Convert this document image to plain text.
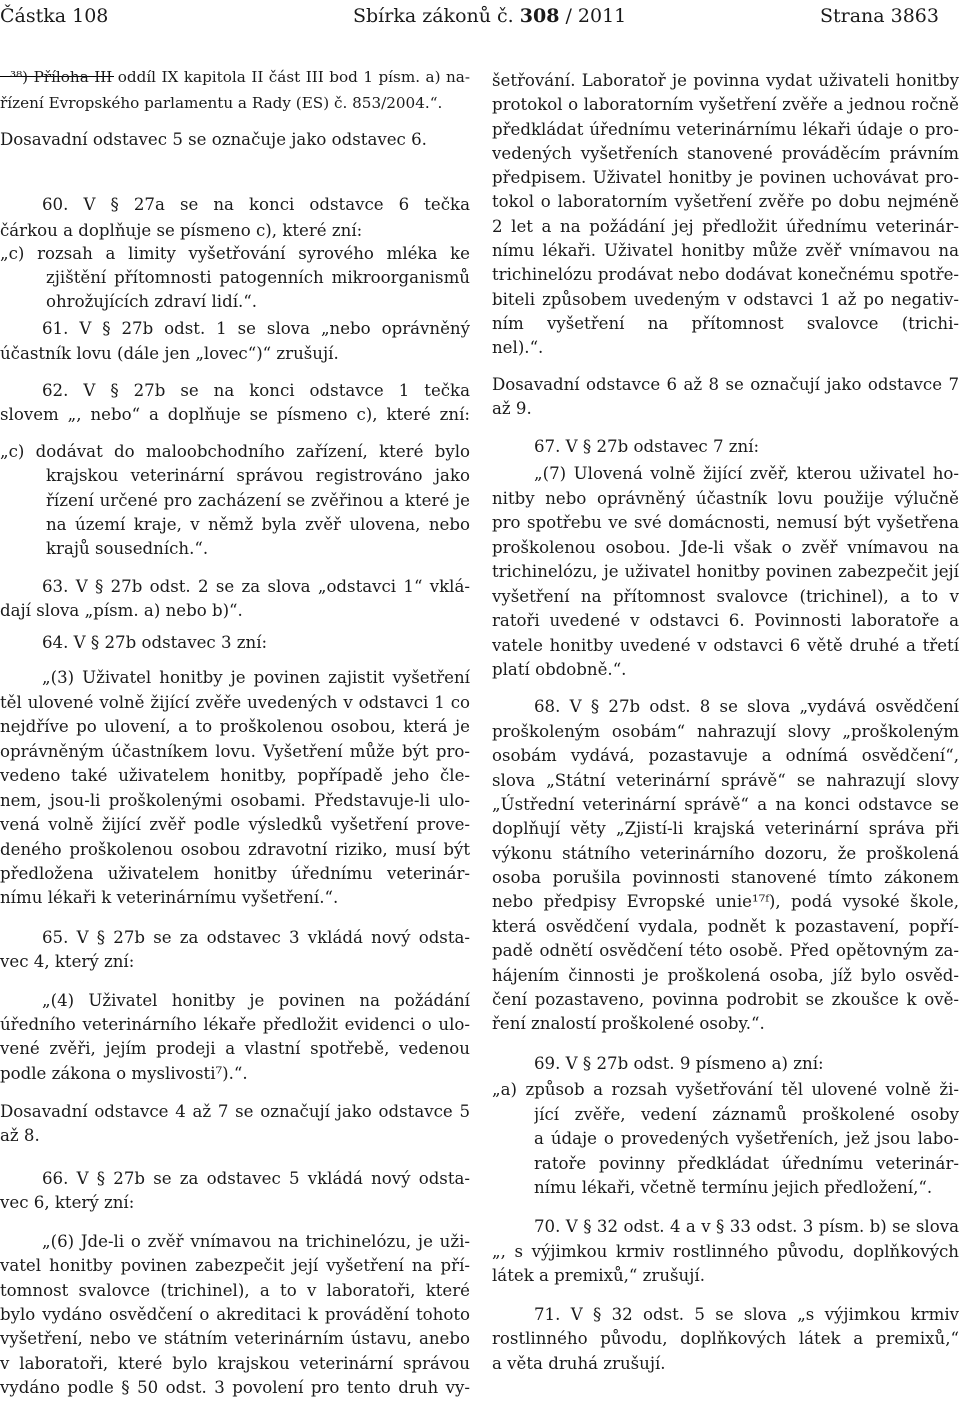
Částka 108	Sbírka zákonů č. 308 / 2011	Strana 3863
³⁸) Příloha III oddíl IX kapitola II část III bod 1 písm. a) na-
řízení Evropského parlamentu a Rady (ES) č. 853/2004.“.
Dosavadní odstavec 5 se označuje jako odstavec 6.
60. V § 27a se na konci odstavce 6 tečka
čárkou a doplňuje se písmeno c), které zní:
„c) rozsah a limity vyšetřování syrového mléka ke
zjištění přítomnosti patogenních mikroorganismů
ohrožujících zdraví lidí.“.
61. V § 27b odst. 1 se slova „nebo oprávněný
účastník lovu (dále jen „lovec“)“ zrušují.
62. V § 27b se na konci odstavce 1 tečka
slovem „, nebo“ a doplňuje se písmeno c), které zní:
„c) dodávat do maloobchodního zařízení, které bylo
krajskou veterinární správou registrováno jako
řízení určené pro zacházení se zvěřinou a které je
na území kraje, v němž byla zvěř ulovena, nebo
krajů sousedních.“.
63. V § 27b odst. 2 se za slova „odstavci 1“ vklá-
dají slova „písm. a) nebo b)“.
64. V § 27b odstavec 3 zní:
„(3) Uživatel honitby je povinen zajistit vyšetření
těl ulovené volně žijící zvěře uvedených v odstavci 1 co
nejdříve po ulovení, a to proškolenou osobou, která je
oprávněným účastníkem lovu. Vyšetření může být pro-
vedeno také uživatelem honitby, popřípadě jeho čle-
nem, jsou-li proškolenými osobami. Představuje-li ulo-
vená volně žijící zvěř podle výsledků vyšetření prove-
deného proškolenou osobou zdravotní riziko, musí být
předložena uživatelem honitby úřednímu veterinár-
nímu lékaři k veterinárnímu vyšetření.“.
65. V § 27b se za odstavec 3 vkládá nový odsta-
vec 4, který zní:
„(4) Uživatel honitby je povinen na požádání
úředního veterinárního lékaře předložit evidenci o ulo-
vené zvěři, jejím prodeji a vlastní spotřebě, vedenou
podle zákona o myslivosti⁷).“.
Dosavadní odstavce 4 až 7 se označují jako odstavce 5
až 8.
66. V § 27b se za odstavec 5 vkládá nový odsta-
vec 6, který zní:
„(6) Jde-li o zvěř vnímavou na trichinelózu, je uži-
vatel honitby povinen zabezpečit její vyšetření na pří-
tomnost svalovce (trichinel), a to v laboratoři, které
bylo vydáno osvědčení o akreditaci k provádění tohoto
vyšetření, nebo ve státním veterinárním ústavu, anebo
v laboratoři, které bylo krajskou veterinární správou
vydáno podle § 50 odst. 3 povolení pro tento druh vy-
šetřování. Laboratoř je povinna vydat uživateli honitby
protokol o laboratorním vyšetření zvěře a jednou ročně
předkládat úřednímu veterinárnímu lékaři údaje o pro-
vedených vyšetřeních stanovené prováděcím právním
předpisem. Uživatel honitby je povinen uchovávat pro-
tokol o laboratorním vyšetření zvěře po dobu nejméně
2 let a na požádání jej předložit úřednímu veterinár-
nímu lékaři. Uživatel honitby může zvěř vnímavou na
trichinelózu prodávat nebo dodávat konečnému spotře-
biteli způsobem uvedeným v odstavci 1 až po negativ-
ním vyšetření na přítomnost svalovce (trichi-
nel).“.
Dosavadní odstavce 6 až 8 se označují jako odstavce 7
až 9.
67. V § 27b odstavec 7 zní:
„(7) Ulovená volně žijící zvěř, kterou uživatel ho-
nitby nebo oprávněný účastník lovu použije výlučně
pro spotřebu ve své domácnosti, nemusí být vyšetřena
proškolenou osobou. Jde-li však o zvěř vnímavou na
trichinelózu, je uživatel honitby povinen zabezpečit její
vyšetření na přítomnost svalovce (trichinel), a to v
ratoři uvedené v odstavci 6. Povinnosti laboratoře a
vatele honitby uvedené v odstavci 6 větě druhé a třetí
platí obdobně.“.
68. V § 27b odst. 8 se slova „vydává osvědčení
proškoleným osobám“ nahrazují slovy „proškoleným
osobám vydává, pozastavuje a odnímá osvědčení“,
slova „Státní veterinární správě“ se nahrazují slovy
„Ústřední veterinární správě“ a na konci odstavce se
doplňují věty „Zjistí-li krajská veterinární správa při
výkonu státního veterinárního dozoru, že proškolená
osoba porušila povinnosti stanovené tímto zákonem
nebo předpisy Evropské unie¹⁷ᶠ), podá vysoké škole,
která osvědčení vydala, podnět k pozastavení, popří-
padě odnětí osvědčení této osobě. Před opětovným za-
hájením činnosti je proškolená osoba, jíž bylo osvěd-
čení pozastaveno, povinna podrobit se zkoušce k ově-
ření znalostí proškolené osoby.“.
69. V § 27b odst. 9 písmeno a) zní:
„a) způsob a rozsah vyšetřování těl ulovené volně ži-
jící zvěře, vedení záznamů proškolené osoby
a údaje o provedených vyšetřeních, jež jsou labo-
ratoře povinny předkládat úřednímu veterinár-
nímu lékaři, včetně termínu jejich předložení,“.
70. V § 32 odst. 4 a v § 33 odst. 3 písm. b) se slova
„, s výjimkou krmiv rostlinného původu, doplňkových
látek a premixů,“ zrušují.
71. V § 32 odst. 5 se slova „s výjimkou krmiv
rostlinného původu, doplňkových látek a premixů,“
a věta druhá zrušují.
